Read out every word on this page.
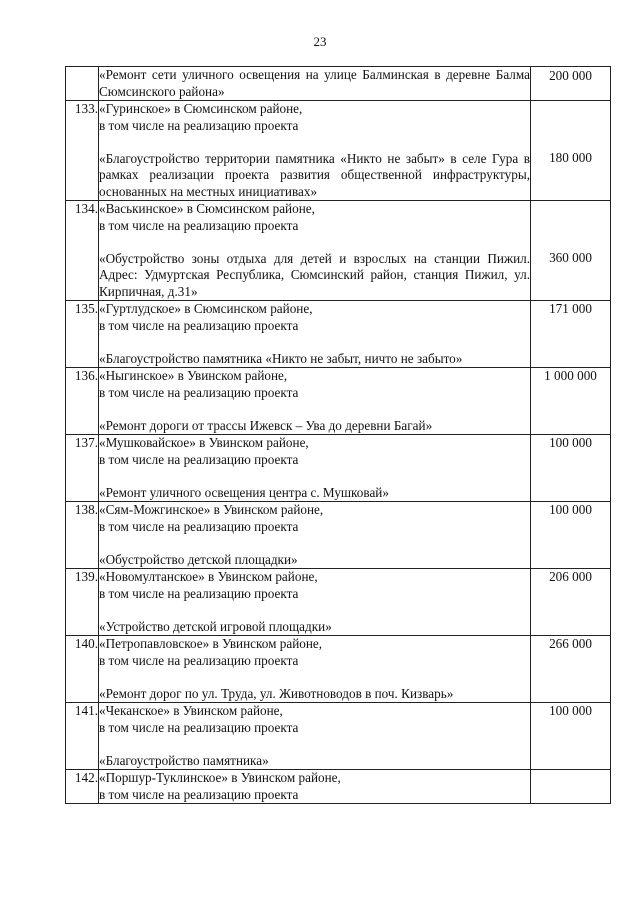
23

	«Ремонт сети уличного освещения на улице Балминская в деревне Балма Сюмсинского района»	200 000
133.	«Гуринское» в Сюмсинском районе,
в том числе на реализацию проекта
«Благоустройство территории памятника «Никто не забыт» в селе Гура в рамках реализации проекта развития общественной инфраструктуры, основанных на местных инициативах»	180 000
134.	«Васькинское» в Сюмсинском районе,
в том числе на реализацию проекта
«Обустройство зоны отдыха для детей и взрослых на станции Пижил. Адрес: Удмуртская Республика, Сюмсинский район, станция Пижил, ул. Кирпичная, д.31»	360 000
135.	«Гуртлудское» в Сюмсинском районе,
в том числе на реализацию проекта
«Благоустройство памятника «Никто не забыт, ничто не забыто»	171 000
136.	«Ныгинское» в Увинском районе,
в том числе на реализацию проекта
«Ремонт дороги от трассы Ижевск – Ува до деревни Багай»	1 000 000
137.	«Мушковайское» в Увинском районе,
в том числе на реализацию проекта
«Ремонт уличного освещения центра с. Мушковай»	100 000
138.	«Сям-Можгинское» в Увинском районе,
в том числе на реализацию проекта
«Обустройство детской площадки»	100 000
139.	«Новомултанское» в Увинском районе,
в том числе на реализацию проекта
«Устройство детской игровой площадки»	206 000
140.	«Петропавловское» в Увинском районе,
в том числе на реализацию проекта
«Ремонт дорог по ул. Труда, ул. Животноводов в поч. Кизварь»	266 000
141.	«Чеканское» в Увинском районе,
в том числе на реализацию проекта
«Благоустройство памятника»	100 000
142.	«Поршур-Туклинское» в Увинском районе,
в том числе на реализацию проекта	
